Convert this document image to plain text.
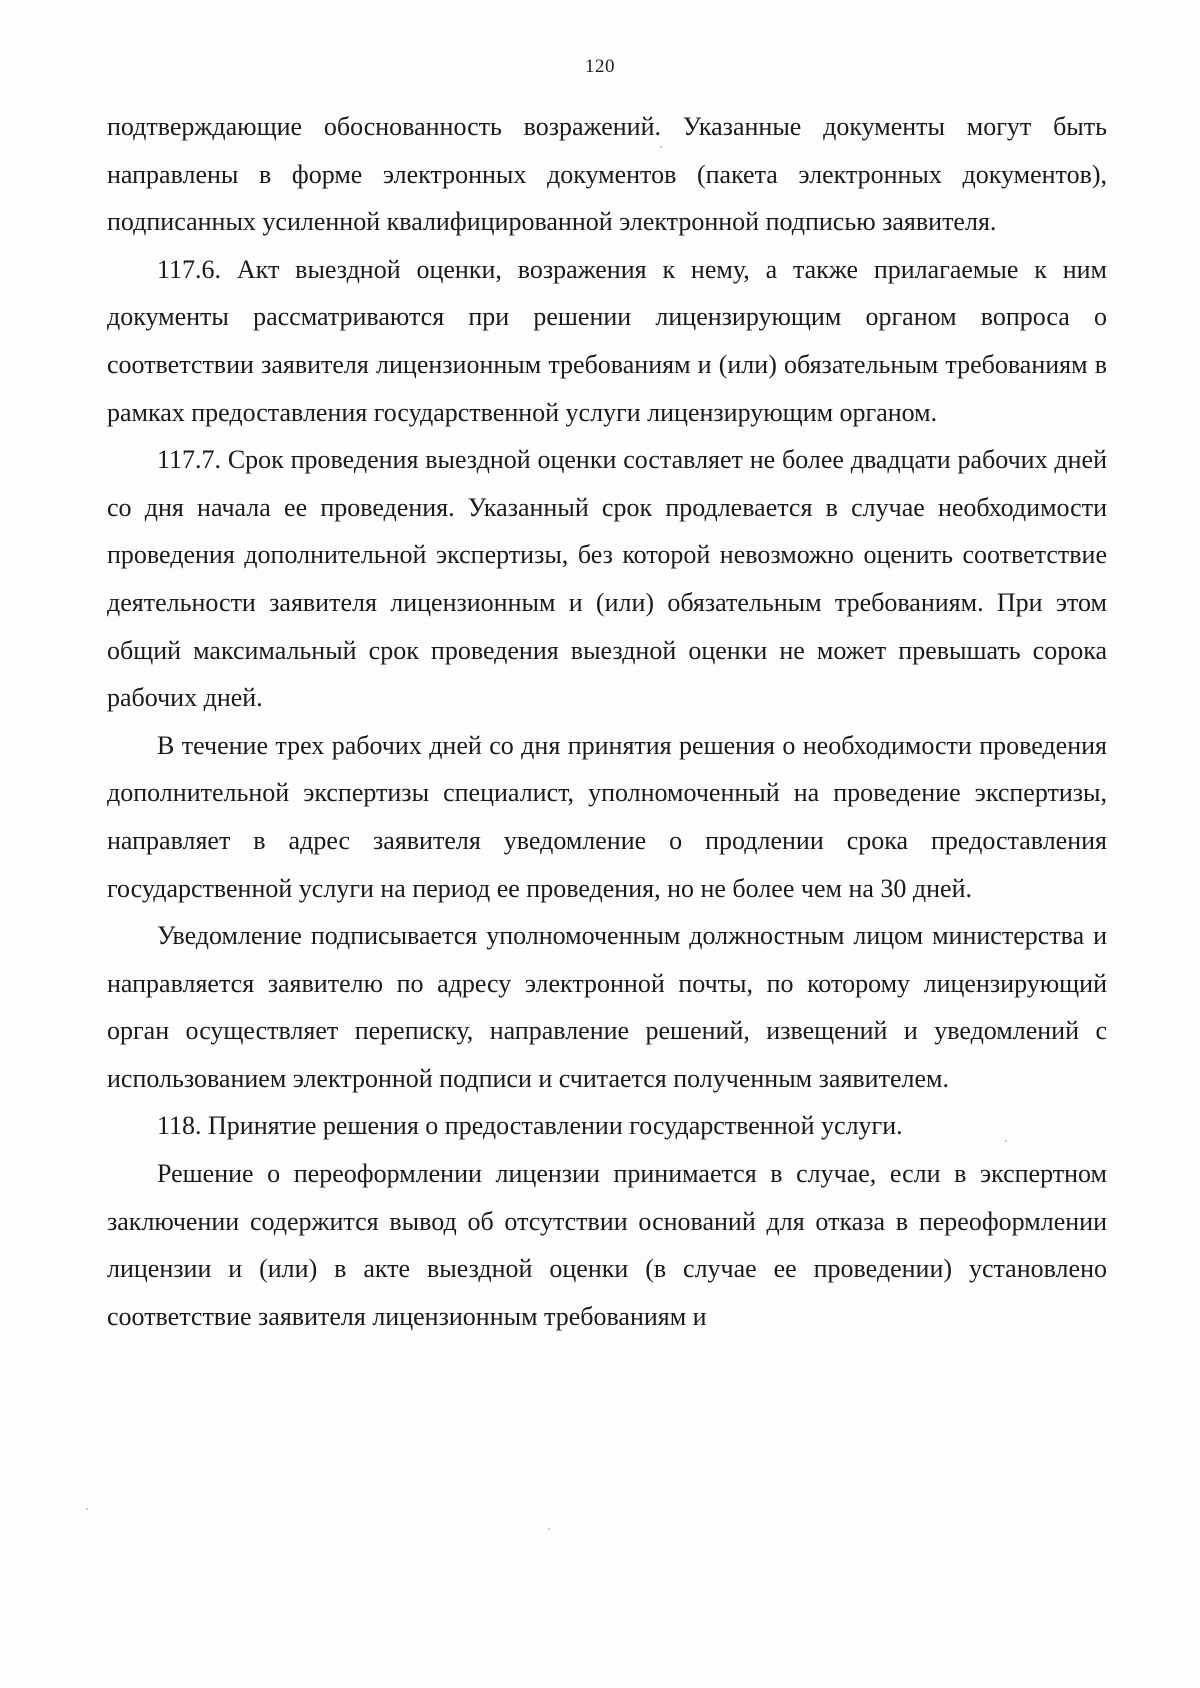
120

подтверждающие обоснованность возражений. Указанные документы могут быть направлены в форме электронных документов (пакета электронных документов), подписанных усиленной квалифицированной электронной подписью заявителя.

117.6. Акт выездной оценки, возражения к нему, а также прилагаемые к ним документы рассматриваются при решении лицензирующим органом вопроса о соответствии заявителя лицензионным требованиям и (или) обязательным требованиям в рамках предоставления государственной услуги лицензирующим органом.

117.7. Срок проведения выездной оценки составляет не более двадцати рабочих дней со дня начала ее проведения. Указанный срок продлевается в случае необходимости проведения дополнительной экспертизы, без которой невозможно оценить соответствие деятельности заявителя лицензионным и (или) обязательным требованиям. При этом общий максимальный срок проведения выездной оценки не может превышать сорока рабочих дней.

В течение трех рабочих дней со дня принятия решения о необходимости проведения дополнительной экспертизы специалист, уполномоченный на проведение экспертизы, направляет в адрес заявителя уведомление о продлении срока предоставления государственной услуги на период ее проведения, но не более чем на 30 дней.

Уведомление подписывается уполномоченным должностным лицом министерства и направляется заявителю по адресу электронной почты, по которому лицензирующий орган осуществляет переписку, направление решений, извещений и уведомлений с использованием электронной подписи и считается полученным заявителем.

118. Принятие решения о предоставлении государственной услуги.

Решение о переоформлении лицензии принимается в случае, если в экспертном заключении содержится вывод об отсутствии оснований для отказа в переоформлении лицензии и (или) в акте выездной оценки (в случае ее проведении) установлено соответствие заявителя лицензионным требованиям и
